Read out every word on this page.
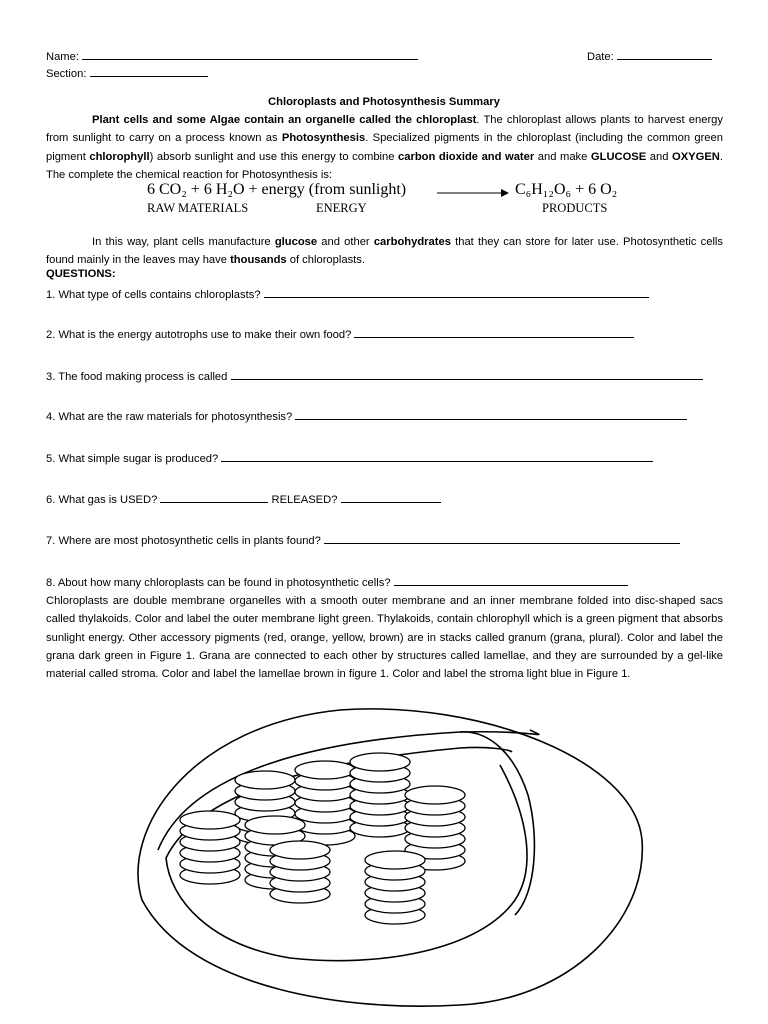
Name:	Date:
Section:
Chloroplasts and Photosynthesis Summary
Plant cells and some Algae contain an organelle called the chloroplast. The chloroplast allows plants to harvest energy from sunlight to carry on a process known as Photosynthesis. Specialized pigments in the chloroplast (including the common green pigment chlorophyll) absorb sunlight and use this energy to combine carbon dioxide and water and make GLUCOSE and OXYGEN. The complete the chemical reaction for Photosynthesis is:
6 CO₂ + 6 H₂O + energy (from sunlight)	C₆H₁₂O₆ + 6 O₂
RAW MATERIALS	ENERGY	PRODUCTS
In this way, plant cells manufacture glucose and other carbohydrates that they can store for later use. Photosynthetic cells found mainly in the leaves may have thousands of chloroplasts.
QUESTIONS:
1. What type of cells contains chloroplasts?
2. What is the energy autotrophs use to make their own food?
3. The food making process is called
4. What are the raw materials for photosynthesis?
5. What simple sugar is produced?
6. What gas is USED?	RELEASED?
7. Where are most photosynthetic cells in plants found?
8. About how many chloroplasts can be found in photosynthetic cells?
Chloroplasts are double membrane organelles with a smooth outer membrane and an inner membrane folded into disc-shaped sacs called thylakoids. Color and label the outer membrane light green. Thylakoids, contain chlorophyll which is a green pigment that absorbs sunlight energy. Other accessory pigments (red, orange, yellow, brown) are in stacks called granum (grana, plural). Color and label the grana dark green in Figure 1. Grana are connected to each other by structures called lamellae, and they are surrounded by a gel-like material called stroma. Color and label the lamellae brown in figure 1. Color and label the stroma light blue in Figure 1.
